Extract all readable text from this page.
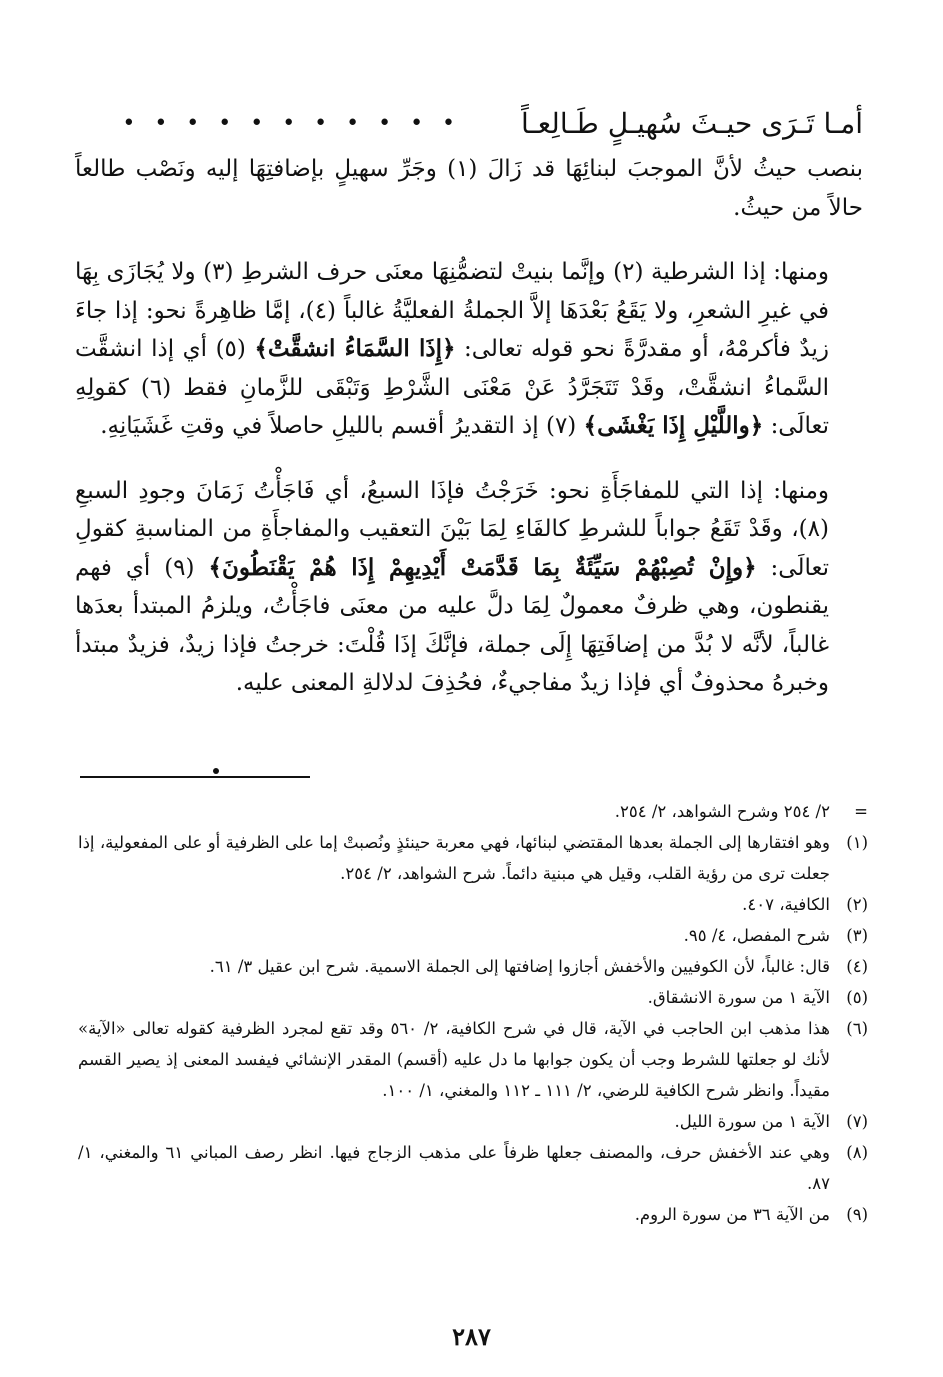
أمـا تَـرَى حيـثَ سُهيـلٍ طَـالِعـاً
• • • • • • • • • • •

بنصب حيثُ لأنَّ الموجبَ لبنائِهَا قد زَالَ (١) وجَرِّ سهيلٍ بإضافتِهَا إليه ونَصْب طالعاً حالاً من حيثُ.

ومنها: إذا الشرطية (٢) وإنَّما بنيتْ لتضمُّنِهَا معنَى حرف الشرطِ (٣) ولا يُجَازَى بِهَا في غيرِ الشعرِ، ولا يَقَعُ بَعْدَهَا إلاَّ الجملةُ الفعليَّةُ غالباً (٤)، إمَّا ظاهِرةً نحو: إذا جاءَ زيدٌ فأكرمْهُ، أو مقدرَّةً نحو قوله تعالى: ﴿إِذَا السَّمَاءُ انشقَّتْ﴾ (٥) أي إذا انشقَّت السَّماءُ انشقَّتْ، وقَدْ تَتَجَرَّدُ عَنْ مَعْنَى الشَّرْطِ وَتَبْقَى للزَّمانِ فقط (٦) كقولِهِ تعالَى: ﴿واللَّيْلِ إِذَا يَغْشَى﴾ (٧) إذ التقديرُ أقسم بالليلِ حاصلاً في وقتِ غَشَيَانِهِ.

ومنها: إذا التي للمفاجَأَةِ نحو: خَرَجْتُ فإذَا السبعُ، أي فَاجَأْتُ زَمَانَ وجودِ السبعِ (٨)، وقَدْ تَقَعُ جواباً للشرطِ كالفَاءِ لِمَا بَيْنَ التعقيب والمفاجأَةِ من المناسبةِ كقولِ تعالَى: ﴿وإِنْ تُصِبْهُمْ سَيِّئَةٌ بِمَا قَدَّمَتْ أَيْدِيهِمْ إِذَا هُمْ يَقْنَطُونَ﴾ (٩) أي فهم يقنطون، وهي ظرفٌ معمولٌ لِمَا دلَّ عليه من معنَى فاجَأْتُ، ويلزمُ المبتدأ بعدَها غالباً، لأنَّه لا بُدَّ من إضافَتِهَا إِلَى جملة، فإنَّكَ إذَا قُلْتَ: خرجتُ فإذا زيدٌ، فزيدٌ مبتدأ وخبرهُ محذوفٌ أي فإذا زيدٌ مفاجيءٌ، فحُذِفَ لدلالةِ المعنى عليه.

=
٢/ ٢٥٤ وشرح الشواهد، ٢/ ٢٥٤.
(١)
وهو افتقارها إلى الجملة بعدها المقتضي لبنائها، فهي معربة حينئذٍ ونُصبتْ إما على الظرفية أو على المفعولية، إذا جعلت ترى من رؤية القلب، وقيل هي مبنية دائماً. شرح الشواهد، ٢/ ٢٥٤.
(٢)
الكافية، ٤٠٧.
(٣)
شرح المفصل، ٤/ ٩٥.
(٤)
قال: غالباً، لأن الكوفيين والأخفش أجازوا إضافتها إلى الجملة الاسمية. شرح ابن عقيل ٣/ ٦١.
(٥)
الآية ١ من سورة الانشقاق.
(٦)
هذا مذهب ابن الحاجب في الآية، قال في شرح الكافية، ٢/ ٥٦٠ وقد تقع لمجرد الظرفية كقوله تعالى «الآية» لأنك لو جعلتها للشرط وجب أن يكون جوابها ما دل عليه (أقسم) المقدر الإنشائي فيفسد المعنى إذ يصير القسم مقيداً. وانظر شرح الكافية للرضي، ٢/ ١١١ ـ ١١٢ والمغني، ١/ ١٠٠.
(٧)
الآية ١ من سورة الليل.
(٨)
وهي عند الأخفش حرف، والمصنف جعلها ظرفاً على مذهب الزجاج فيها. انظر رصف المباني ٦١ والمغني، ١/ ٨٧.
(٩)
من الآية ٣٦ من سورة الروم.
٢٨٧
